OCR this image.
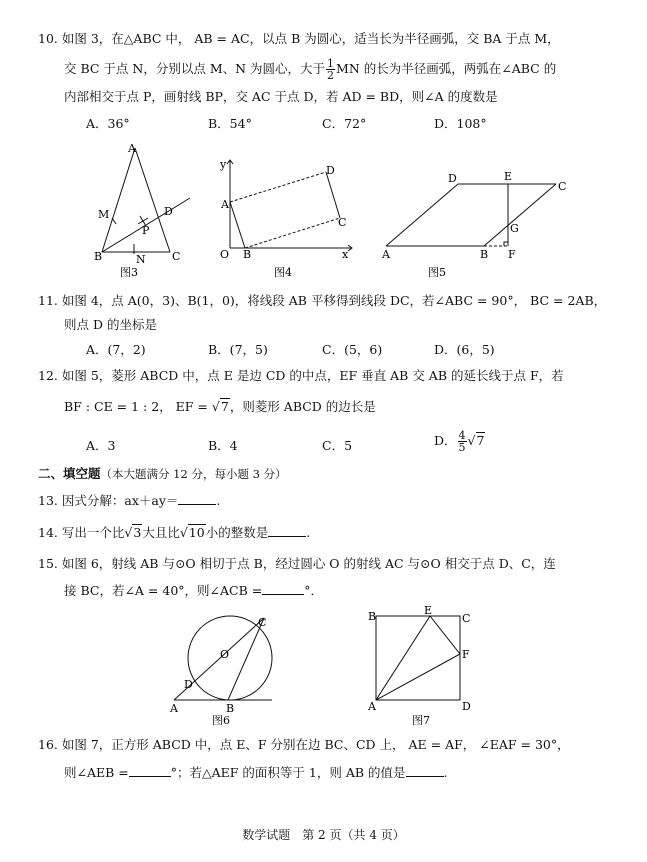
10. 如图 3，在△ABC 中， AB = AC，以点 B 为圆心，适当长为半径画弧，交 BA 于点 M，
交 BC 于点 N，分别以点 M、N 为圆心，大于 $\frac{1}{2}$ MN 的长为半径画弧，两弧在∠ABC 的
内部相交于点 P，画射线 BP，交 AC 于点 D，若 AD = BD，则∠A 的度数是
A．36°	B．54°	C．72°	D．108°
A
M	D
P
B	N C
图3
y
A
D
C
O B	x
图4
D	E
C
G
A	B F
图5
11. 如图 4，点 A(0，3)、B(1，0)，将线段 AB 平移得到线段 DC，若∠ABC = 90°， BC = 2AB，
则点 D 的坐标是
A．(7，2)	B．(7，5)	C．(5，6)	D．(6，5)
12. 如图 5，菱形 ABCD 中，点 E 是边 CD 的中点，EF 垂直 AB 交 AB 的延长线于点 F，若
BF : CE = 1 : 2， EF = √7，则菱形 ABCD 的边长是
A．3	B．4	C．5	D． $\frac{4}{5} √7$
二、填空题（本大题满分 12 分，每小题 3 分）
13. 因式分解：ax＋ay＝	.
14. 写出一个比√3大且比√10小的整数是	.
15. 如图 6，射线 AB 与⊙O 相切于点 B，经过圆心 O 的射线 AC 与⊙O 相交于点 D、C，连
接 BC，若∠A = 40°，则∠ACB =	°．
O
C
D
A	B
图6
B	E
C
F
A	D
图7
16. 如图 7，正方形 ABCD 中，点 E、F 分别在边 BC、CD 上， AE = AF， ∠EAF = 30°，
则∠AEB =	°；若△AEF 的面积等于 1，则 AB 的值是	.
数学试题　第 2 页（共 4 页）
